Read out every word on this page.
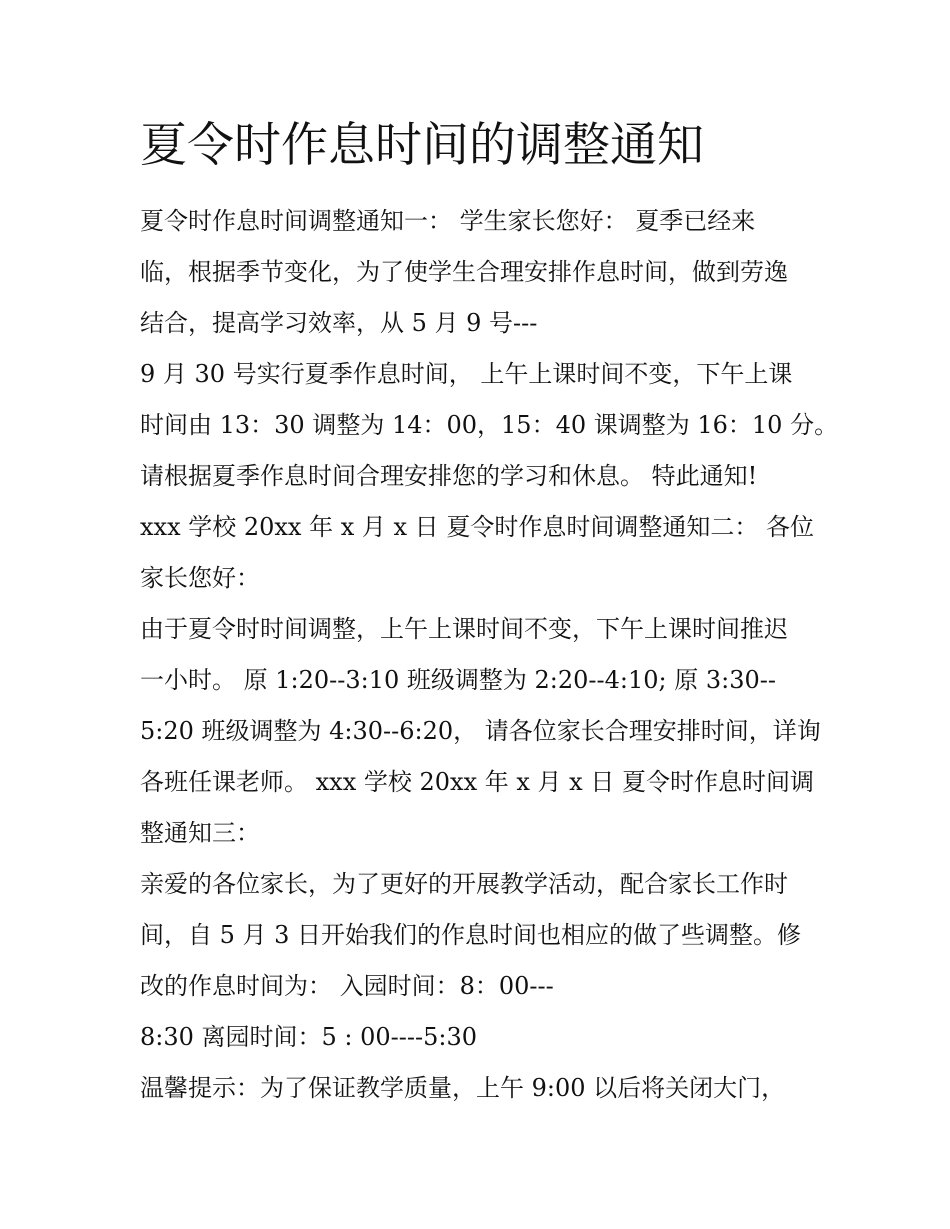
夏令时作息时间的调整通知
夏令时作息时间调整通知一： 学生家长您好： 夏季已经来
临，根据季节变化，为了使学生合理安排作息时间，做到劳逸
结合，提高学习效率，从 5 月 9 号---
9 月 30 号实行夏季作息时间， 上午上课时间不变，下午上课
时间由 13：30 调整为 14：00，15：40 课调整为 16：10 分。
请根据夏季作息时间合理安排您的学习和休息。 特此通知!
xxx 学校 20xx 年 x 月 x 日 夏令时作息时间调整通知二： 各位
家长您好：
由于夏令时时间调整，上午上课时间不变，下午上课时间推迟
一小时。 原 1:20--3:10 班级调整为 2:20--4:10; 原 3:30--
5:20 班级调整为 4:30--6:20， 请各位家长合理安排时间，详询
各班任课老师。 xxx 学校 20xx 年 x 月 x 日 夏令时作息时间调
整通知三：
亲爱的各位家长，为了更好的开展教学活动，配合家长工作时
间，自 5 月 3 日开始我们的作息时间也相应的做了些调整。修
改的作息时间为： 入园时间：8：00---
8:30 离园时间：5 : 00----5:30
温馨提示：为了保证教学质量，上午 9:00 以后将关闭大门，
